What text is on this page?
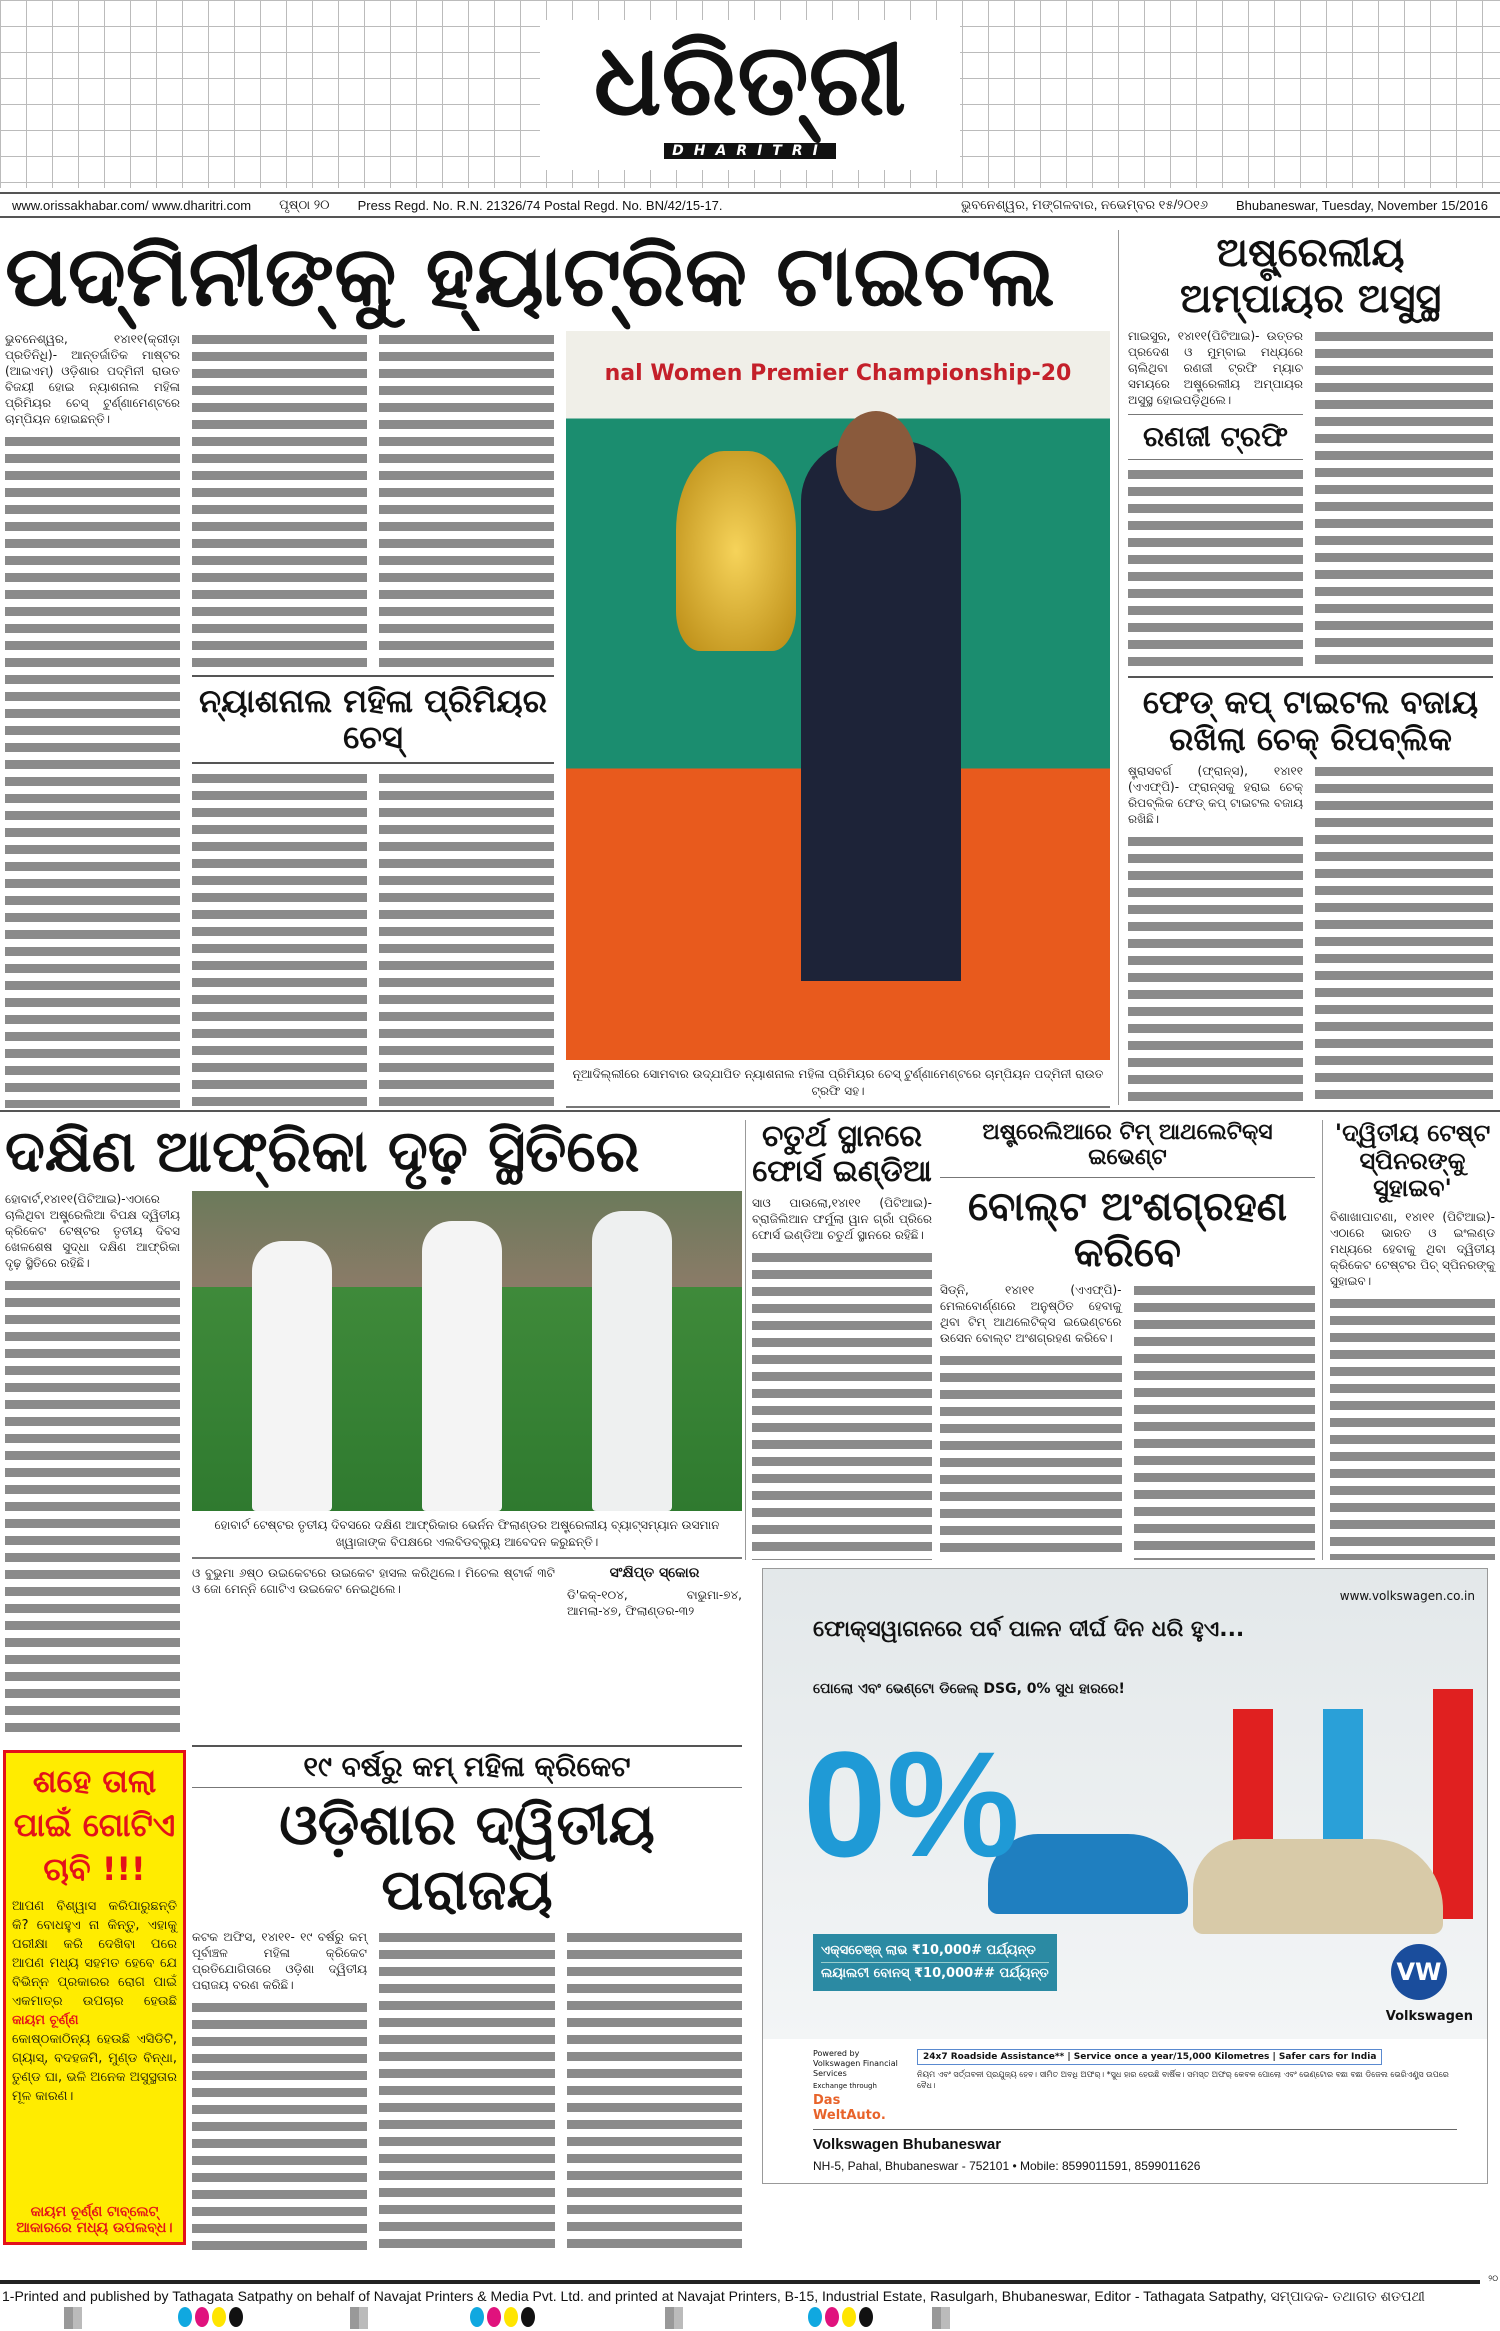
ଧରିତ୍ରୀ
DHARITRI
www.orissakhabar.com/ www.dharitri.com ପୃଷ୍ଠା ୨୦ Press Regd. No. R.N. 21326/74 Postal Regd. No. BN/42/15-17.	ଭୁବନେଶ୍ୱର, ମଙ୍ଗଳବାର, ନଭେମ୍ବର ୧୫/୨୦୧୬ Bhubaneswar, Tuesday, November 15/2016
ପଦ୍ମିନୀଙ୍କୁ ହ୍ୟାଟ୍ରିକ ଟାଇଟଲ
ଭୁବନେଶ୍ୱର, ୧୪ା୧୧(କ୍ରୀଡ଼ା ପ୍ରତିନିଧି)- ଆନ୍ତର୍ଜାତିକ ମାଷ୍ଟର (ଆଇଏମ୍) ଓଡ଼ିଶାର ପଦ୍ମିନୀ ରାଉତ ବିଜୟୀ ହୋଇ ନ୍ୟାଶନାଲ ମହିଳା ପ୍ରିମିୟର ଚେସ୍ ଟୁର୍ଣ୍ଣାମେଣ୍ଟରେ ଚାମ୍ପିୟନ ହୋଇଛନ୍ତି।
ନ୍ୟାଶନାଲ ମହିଳା ପ୍ରିମିୟର ଚେସ୍
nal Women Premier Championship-20
ନୂଆଦିଲ୍ଲୀରେ ସୋମବାର ଉଦ୍‌ଯାପିତ ନ୍ୟାଶନାଲ ମହିଳା ପ୍ରିମିୟର ଚେସ୍ ଟୁର୍ଣ୍ଣାମେଣ୍ଟରେ ଚାମ୍ପିୟନ ପଦ୍ମିନୀ ରାଉତ ଟ୍ରଫି ସହ।
ଅଷ୍ଟ୍ରେଲୀୟ ଅମ୍ପାୟର ଅସୁସ୍ଥ
ମାଇସୁର, ୧୪ା୧୧(ପିଟିଆଇ)- ଉତ୍ତର ପ୍ରଦେଶ ଓ ମୁମ୍ବାଇ ମଧ୍ୟରେ ଚାଲିଥିବା ରଣଜୀ ଟ୍ରଫି ମ୍ୟାଚ ସମୟରେ ଅଷ୍ଟ୍ରେଲୀୟ ଅମ୍ପାୟର ଅସୁସ୍ଥ ହୋଇପଡ଼ିଥିଲେ।
ରଣଜୀ ଟ୍ରଫି
ଫେଡ୍ କପ୍ ଟାଇଟଲ ବଜାୟ ରଖିଲା ଚେକ୍ ରିପବ୍ଲିକ
ଷ୍ଟ୍ରାସବର୍ଗ (ଫ୍ରାନ୍ସ), ୧୪ା୧୧ (ଏଏଫ୍‌ପି)- ଫ୍ରାନ୍ସକୁ ହରାଇ ଚେକ୍ ରିପବ୍ଲିକ ଫେଡ୍ କପ୍ ଟାଇଟଲ ବଜାୟ ରଖିଛି।
ଦକ୍ଷିଣ ଆଫ୍ରିକା ଦୃଢ଼ ସ୍ଥିତିରେ
ହୋବାର୍ଟ,୧୪ା୧୧(ପିଟିଆଇ)-ଏଠାରେ ଚାଲିଥିବା ଅଷ୍ଟ୍ରେଲିଆ ବିପକ୍ଷ ଦ୍ୱିତୀୟ କ୍ରିକେଟ ଟେଷ୍ଟର ତୃତୀୟ ଦିବସ ଖେଳଶେଷ ସୁଦ୍ଧା ଦକ୍ଷିଣ ଆଫ୍ରିକା ଦୃଢ଼ ସ୍ଥିତିରେ ରହିଛି।
ହୋବାର୍ଟ ଟେଷ୍ଟର ତୃତୀୟ ଦିବସରେ ଦକ୍ଷିଣ ଆଫ୍ରିକାର ଭେର୍ନନ ଫିଲାଣ୍ଡର ଅଷ୍ଟ୍ରେଲୀୟ ବ୍ୟାଟ୍ସମ୍ୟାନ ଉସମାନ ଖ୍ୱାଜାଙ୍କ ବିପକ୍ଷରେ ଏଲବିଡବ୍ଲ୍ୟୁ ଆବେଦନ କରୁଛନ୍ତି।
ଓ ବୁଭୁମା ୬ଷ୍ଠ ଉଇକେଟରେ ଉଇକେଟ ହାସଲ କରିଥିଲେ। ମିଚେଲ ଷ୍ଟାର୍କ ୩ଟି ଓ ଜୋ ମେନ୍ନି ଗୋଟିଏ ଉଇକେଟ ନେଇଥିଲେ।
ସଂକ୍ଷିପ୍ତ ସ୍କୋର
ଡି'କକ୍-୧୦୪, ବାଭୁମା-୭୪, ଆମଲା-୪୭, ଫିଲାଣ୍ଡର-୩୨
ଚତୁର୍ଥ ସ୍ଥାନରେ ଫୋର୍ସ ଇଣ୍ଡିଆ
ସାଓ ପାଉଲୋ,୧୪ା୧୧ (ପିଟିଆଇ)- ବ୍ରାଜିଲିଆନ ଫର୍ମୁଲା ୱାନ ଗ୍ରାଁ ପ୍ରିରେ ଫୋର୍ସ ଇଣ୍ଡିଆ ଚତୁର୍ଥ ସ୍ଥାନରେ ରହିଛି।
ଅଷ୍ଟ୍ରେଲିଆରେ ଟିମ୍ ଆଥଲେଟିକ୍ସ ଇଭେଣ୍ଟ
ବୋଲ୍ଟ ଅଂଶଗ୍ରହଣ କରିବେ
ସିଡ୍‌ନି, ୧୪ା୧୧ (ଏଏଫ୍‌ପି)- ମେଲବୋର୍ଣ୍ଣରେ ଅନୁଷ୍ଠିତ ହେବାକୁ ଥିବା ଟିମ୍ ଆଥଲେଟିକ୍ସ ଇଭେଣ୍ଟରେ ଉସେନ ବୋଲ୍ଟ ଅଂଶଗ୍ରହଣ କରିବେ।
'ଦ୍ୱିତୀୟ ଟେଷ୍ଟ ସ୍ପିନରଙ୍କୁ ସୁହାଇବ'
ବିଶାଖାପାଟଣା, ୧୪ା୧୧ (ପିଟିଆଇ)- ଏଠାରେ ଭାରତ ଓ ଇଂଲଣ୍ଡ ମଧ୍ୟରେ ହେବାକୁ ଥିବା ଦ୍ୱିତୀୟ କ୍ରିକେଟ ଟେଷ୍ଟର ପିଚ୍ ସ୍ପିନରଙ୍କୁ ସୁହାଇବ।
ଶହେ ତାଲା ପାଇଁ ଗୋଟିଏ ଚାବି !!!
ଆପଣ ବିଶ୍ୱାସ କରିପାରୁଛନ୍ତି କି? ବୋଧହୁଏ ନା କିନ୍ତୁ, ଏହାକୁ ପରୀକ୍ଷା କରି ଦେଖିବା ପରେ ଆପଣ ମଧ୍ୟ ସହମତ ହେବେ ଯେ ବିଭିନ୍ନ ପ୍ରକାରର ରୋଗ ପାଇଁ ଏକମାତ୍ର ଉପଚାର ହେଉଛି କାୟମ ଚୂର୍ଣ୍ଣ
କୋଷ୍ଠକାଠିନ୍ୟ ହେଉଛି ଏସିଡିଟି, ଗ୍ୟାସ୍, ବଦହଜମି, ମୁଣ୍ଡ ବିନ୍ଧା, ତୁଣ୍ଡ ଘା, ଭଳି ଅନେକ ଅସୁସ୍ଥତାର ମୂଳ କାରଣ।
କାୟମ ଚୂର୍ଣ୍ଣ ଟାବ୍‌ଲେଟ୍ ଆକାରରେ ମଧ୍ୟ ଉପଲବ୍ଧ।
୧୯ ବର୍ଷରୁ କମ୍ ମହିଳା କ୍ରିକେଟ
ଓଡ଼ିଶାର ଦ୍ୱିତୀୟ ପରାଜୟ
କଟକ ଅଫିସ, ୧୪ା୧୧- ୧୯ ବର୍ଷରୁ କମ୍ ପୂର୍ବାଞ୍ଚଳ ମହିଳା କ୍ରିକେଟ ପ୍ରତିଯୋଗିତାରେ ଓଡ଼ିଶା ଦ୍ୱିତୀୟ ପରାଜୟ ବରଣ କରିଛି।
www.volkswagen.co.in
ଫୋକ୍ସୱାଗନରେ ପର୍ବ ପାଳନ ଦୀର୍ଘ ଦିନ ଧରି ହୁଏ...
ପୋଲୋ ଏବଂ ଭେଣ୍ଟୋ ଡିଜେଲ୍ DSG, 0% ସୁଧ ହାରରେ!
0%
ଏକ୍ସଚେଞ୍ଜ୍ ଲାଭ ₹10,000# ପର୍ଯ୍ୟନ୍ତ
ଲୟାଲଟୀ ବୋନସ୍ ₹10,000## ପର୍ଯ୍ୟନ୍ତ	VW
Volkswagen
Powered by Volkswagen Financial Services
Exchange through
Das WeltAuto.
24x7 Roadside Assistance** | Service once a year/15,000 Kilometres | Safer cars for India
ନିୟମ ଏବଂ ସର୍ତ୍ତାବଳୀ ପ୍ରଯୁଜ୍ୟ ହେବ। ସୀମିତ ଅବଧି ଅଫର୍। *ସୁଧ ହାର ହେଉଛି ବାର୍ଷିକ। ସମସ୍ତ ଅଫର୍ କେବଳ ପୋଲୋ ଏବଂ ଭେଣ୍ଟୋର ବଛା ବଛା ଡିଜେଲ ଭେରିଏଣ୍ଟ୍ସ ଉପରେ ବୈଧ।
Volkswagen Bhubaneswar
NH-5, Pahal, Bhubaneswar - 752101 • Mobile: 8599011591, 8599011626
୨୦
1-Printed and published by Tathagata Satpathy on behalf of Navajat Printers & Media Pvt. Ltd. and printed at Navajat Printers, B-15, Industrial Estate, Rasulgarh, Bhubaneswar, Editor - Tathagata Satpathy, ସମ୍ପାଦକ- ତଥାଗତ ଶତପଥୀ
